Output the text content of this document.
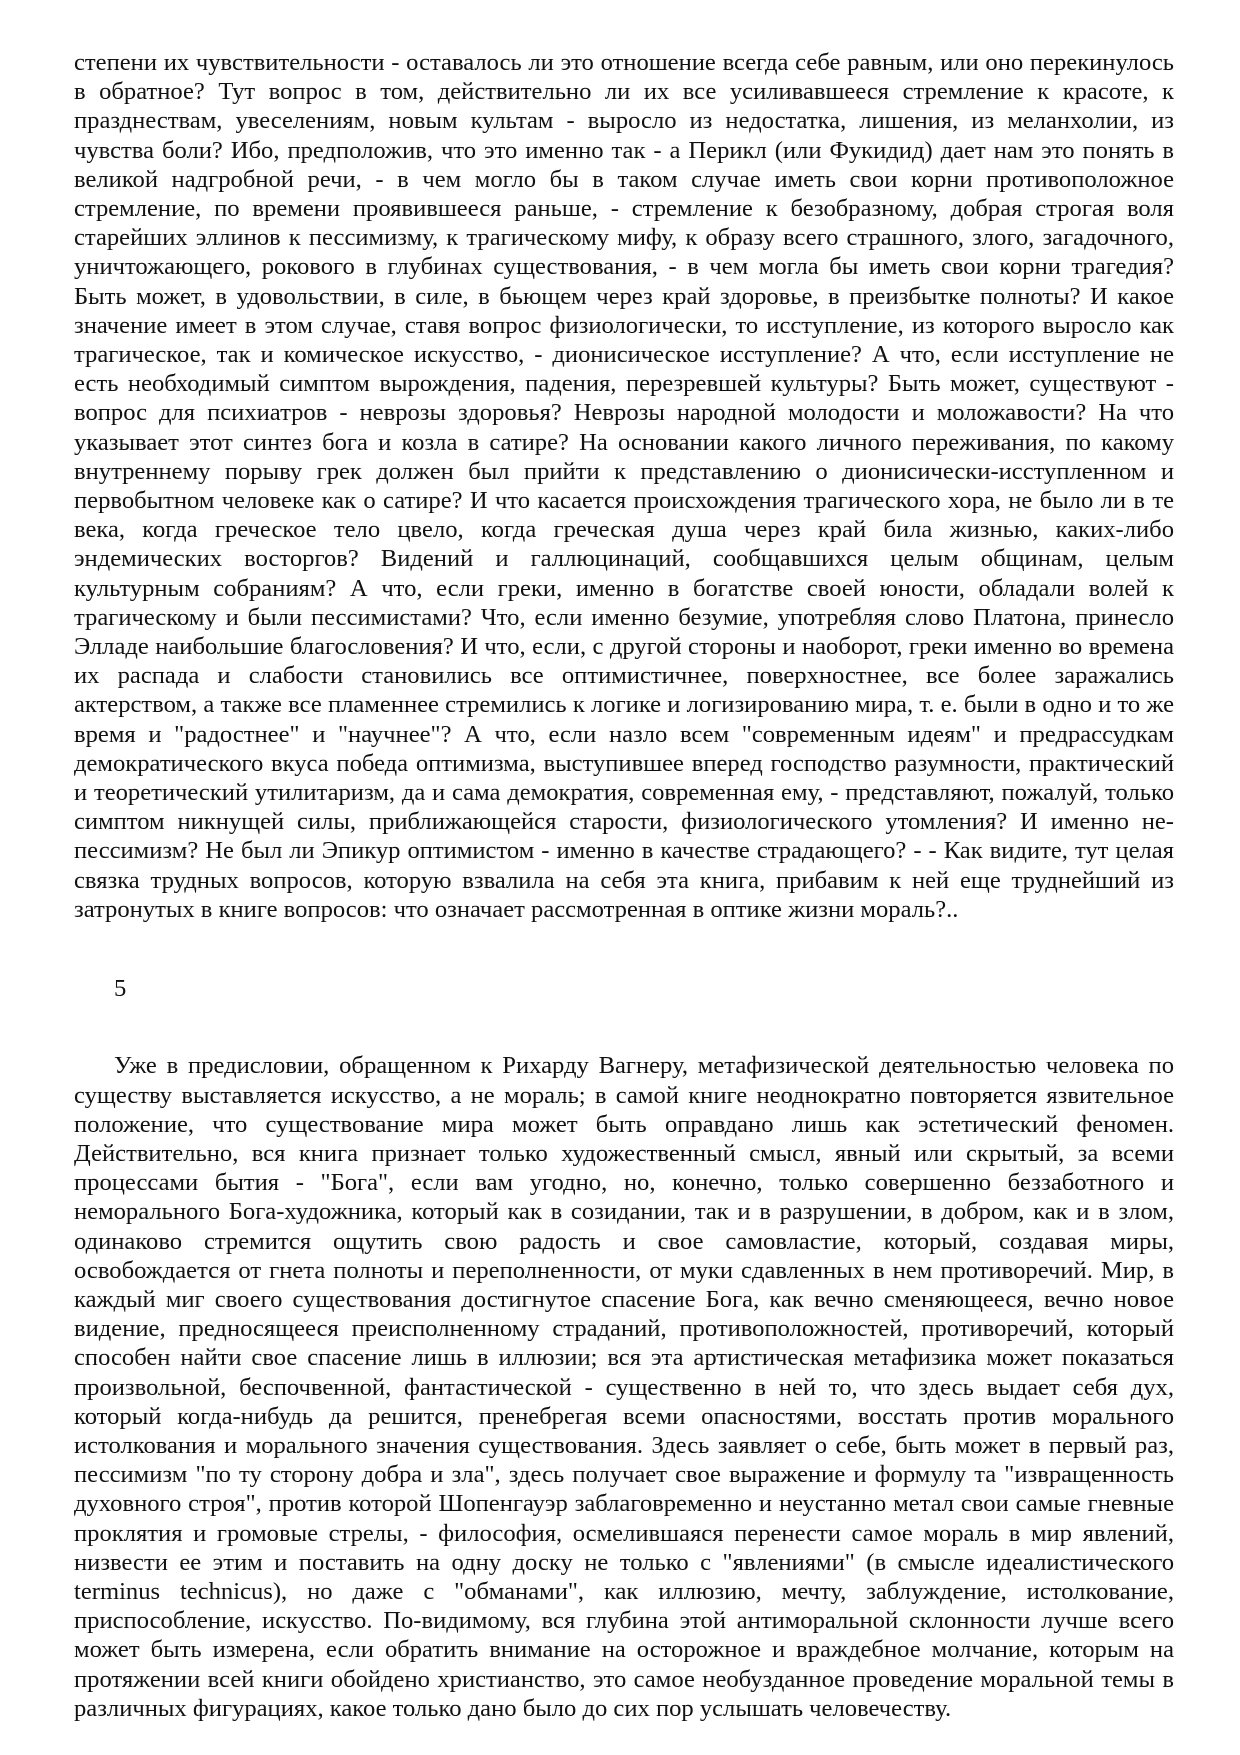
степени их чувствительности - оставалось ли это отношение всегда себе равным, или оно перекинулось в обратное? Тут вопрос в том, действительно ли их все усиливавшееся стремление к красоте, к празднествам, увеселениям, новым культам - выросло из недостатка, лишения, из меланхолии, из чувства боли? Ибо, предположив, что это именно так - а Перикл (или Фукидид) дает нам это понять в великой надгробной речи, - в чем могло бы в таком случае иметь свои корни противоположное стремление, по времени проявившееся раньше, - стремление к безобразному, добрая строгая воля старейших эллинов к пессимизму, к трагическому мифу, к образу всего страшного, злого, загадочного, уничтожающего, рокового в глубинах существования, - в чем могла бы иметь свои корни трагедия? Быть может, в удовольствии, в силе, в бьющем через край здоровье, в преизбытке полноты? И какое значение имеет в этом случае, ставя вопрос физиологически, то исступление, из которого выросло как трагическое, так и комическое искусство, - дионисическое исступление? А что, если исступление не есть необходимый симптом вырождения, падения, перезревшей культуры? Быть может, существуют - вопрос для психиатров - неврозы здоровья? Неврозы народной молодости и моложавости? На что указывает этот синтез бога и козла в сатире? На основании какого личного переживания, по какому внутреннему порыву грек должен был прийти к представлению о дионисически-исступленном и первобытном человеке как о сатире? И что касается происхождения трагического хора, не было ли в те века, когда греческое тело цвело, когда греческая душа через край била жизнью, каких-либо эндемических восторгов? Видений и галлюцинаций, сообщавшихся целым общинам, целым культурным собраниям? А что, если греки, именно в богатстве своей юности, обладали волей к трагическому и были пессимистами? Что, если именно безумие, употребляя слово Платона, принесло Элладе наибольшие благословения? И что, если, с другой стороны и наоборот, греки именно во времена их распада и слабости становились все оптимистичнее, поверхностнее, все более заражались актерством, а также все пламеннее стремились к логике и логизированию мира, т. е. были в одно и то же время и "радостнее" и "научнее"? А что, если назло всем "современным идеям" и предрассудкам демократического вкуса победа оптимизма, выступившее вперед господство разумности, практический и теоретический утилитаризм, да и сама демократия, современная ему, - представляют, пожалуй, только симптом никнущей силы, приближающейся старости, физиологического утомления? И именно не-пессимизм? Не был ли Эпикур оптимистом - именно в качестве страдающего? - - Как видите, тут целая связка трудных вопросов, которую взвалила на себя эта книга, прибавим к ней еще труднейший из затронутых в книге вопросов: что означает рассмотренная в оптике жизни мораль?..

5

Уже в предисловии, обращенном к Рихарду Вагнеру, метафизической деятельностью человека по существу выставляется искусство, а не мораль; в самой книге неоднократно повторяется язвительное положение, что существование мира может быть оправдано лишь как эстетический феномен. Действительно, вся книга признает только художественный смысл, явный или скрытый, за всеми процессами бытия - "Бога", если вам угодно, но, конечно, только совершенно беззаботного и неморального Бога-художника, который как в созидании, так и в разрушении, в добром, как и в злом, одинаково стремится ощутить свою радость и свое самовластие, который, создавая миры, освобождается от гнета полноты и переполненности, от муки сдавленных в нем противоречий. Мир, в каждый миг своего существования достигнутое спасение Бога, как вечно сменяющееся, вечно новое видение, предносящееся преисполненному страданий, противоположностей, противоречий, который способен найти свое спасение лишь в иллюзии; вся эта артистическая метафизика может показаться произвольной, беспочвенной, фантастической - существенно в ней то, что здесь выдает себя дух, который когда-нибудь да решится, пренебрегая всеми опасностями, восстать против морального истолкования и морального значения существования. Здесь заявляет о себе, быть может в первый раз, пессимизм "по ту сторону добра и зла", здесь получает свое выражение и формулу та "извращенность духовного строя", против которой Шопенгауэр заблаговременно и неустанно метал свои самые гневные проклятия и громовые стрелы, - философия, осмелившаяся перенести самое мораль в мир явлений, низвести ее этим и поставить на одну доску не только с "явлениями" (в смысле идеалистического terminus technicus), но даже с "обманами", как иллюзию, мечту, заблуждение, истолкование, приспособление, искусство. По-видимому, вся глубина этой антиморальной склонности лучше всего может быть измерена, если обратить внимание на осторожное и враждебное молчание, которым на протяжении всей книги обойдено христианство, это самое необузданное проведение моральной темы в различных фигурациях, какое только дано было до сих пор услышать человечеству.
